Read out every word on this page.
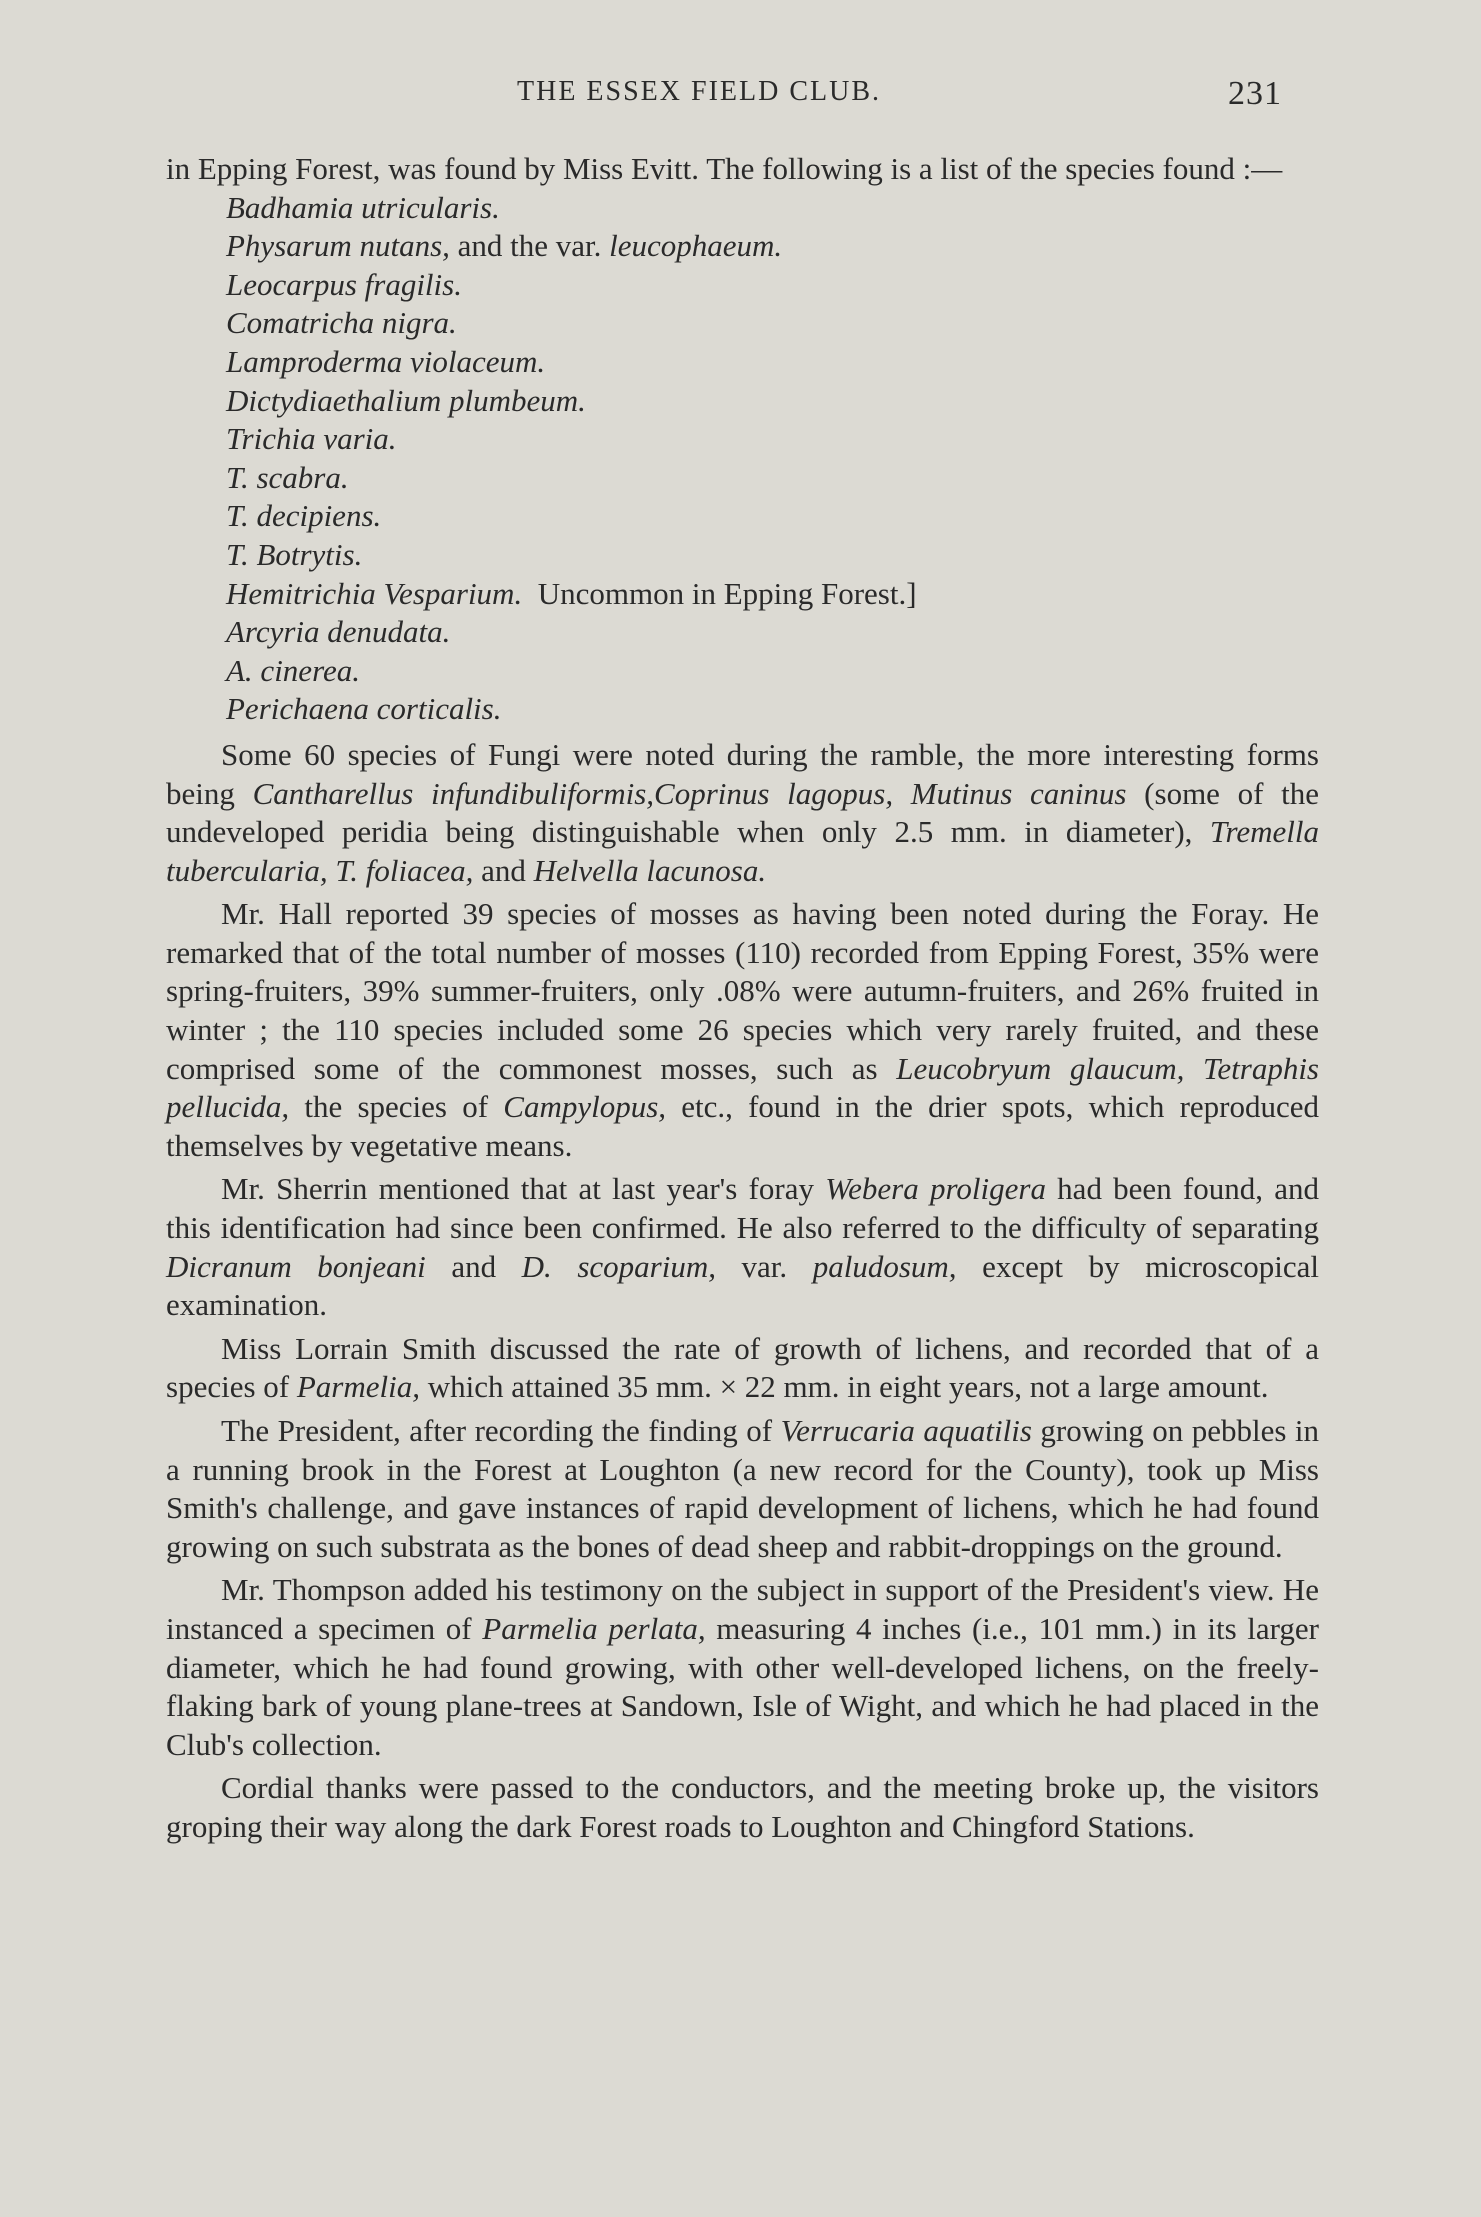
THE ESSEX FIELD CLUB.	231

in Epping Forest, was found by Miss Evitt. The following is a list of the species found :—

Badhamia utricularis.
Physarum nutans, and the var. leucophaeum.
Leocarpus fragilis.
Comatricha nigra.
Lamproderma violaceum.
Dictydiaethalium plumbeum.
Trichia varia.
T. scabra.
T. decipiens.
T. Botrytis.
Hemitrichia Vesparium.  Uncommon in Epping Forest.]
Arcyria denudata.
A. cinerea.
Perichaena corticalis.

Some 60 species of Fungi were noted during the ramble, the more interesting forms being Cantharellus infundibuliformis,Coprinus lagopus, Mutinus caninus (some of the undeveloped peridia being distinguishable when only 2.5 mm. in diameter), Tremella tubercularia, T. foliacea, and Helvella lacunosa.

Mr. Hall reported 39 species of mosses as having been noted during the Foray. He remarked that of the total number of mosses (110) recorded from Epping Forest, 35% were spring-fruiters, 39% summer-fruiters, only .08% were autumn-fruiters, and 26% fruited in winter ; the 110 species included some 26 species which very rarely fruited, and these comprised some of the commonest mosses, such as Leucobryum glaucum, Tetraphis pellucida, the species of Campylopus, etc., found in the drier spots, which reproduced themselves by vegetative means.

Mr. Sherrin mentioned that at last year's foray Webera proligera had been found, and this identification had since been confirmed. He also referred to the difficulty of separating Dicranum bonjeani and D. scoparium, var. paludosum, except by microscopical examination.

Miss Lorrain Smith discussed the rate of growth of lichens, and recorded that of a species of Parmelia, which attained 35 mm. × 22 mm. in eight years, not a large amount.

The President, after recording the finding of Verrucaria aquatilis growing on pebbles in a running brook in the Forest at Loughton (a new record for the County), took up Miss Smith's challenge, and gave instances of rapid development of lichens, which he had found growing on such substrata as the bones of dead sheep and rabbit-droppings on the ground.

Mr. Thompson added his testimony on the subject in support of the President's view. He instanced a specimen of Parmelia perlata, measuring 4 inches (i.e., 101 mm.) in its larger diameter, which he had found growing, with other well-developed lichens, on the freely-flaking bark of young plane-trees at Sandown, Isle of Wight, and which he had placed in the Club's collection.

Cordial thanks were passed to the conductors, and the meeting broke up, the visitors groping their way along the dark Forest roads to Loughton and Chingford Stations.
